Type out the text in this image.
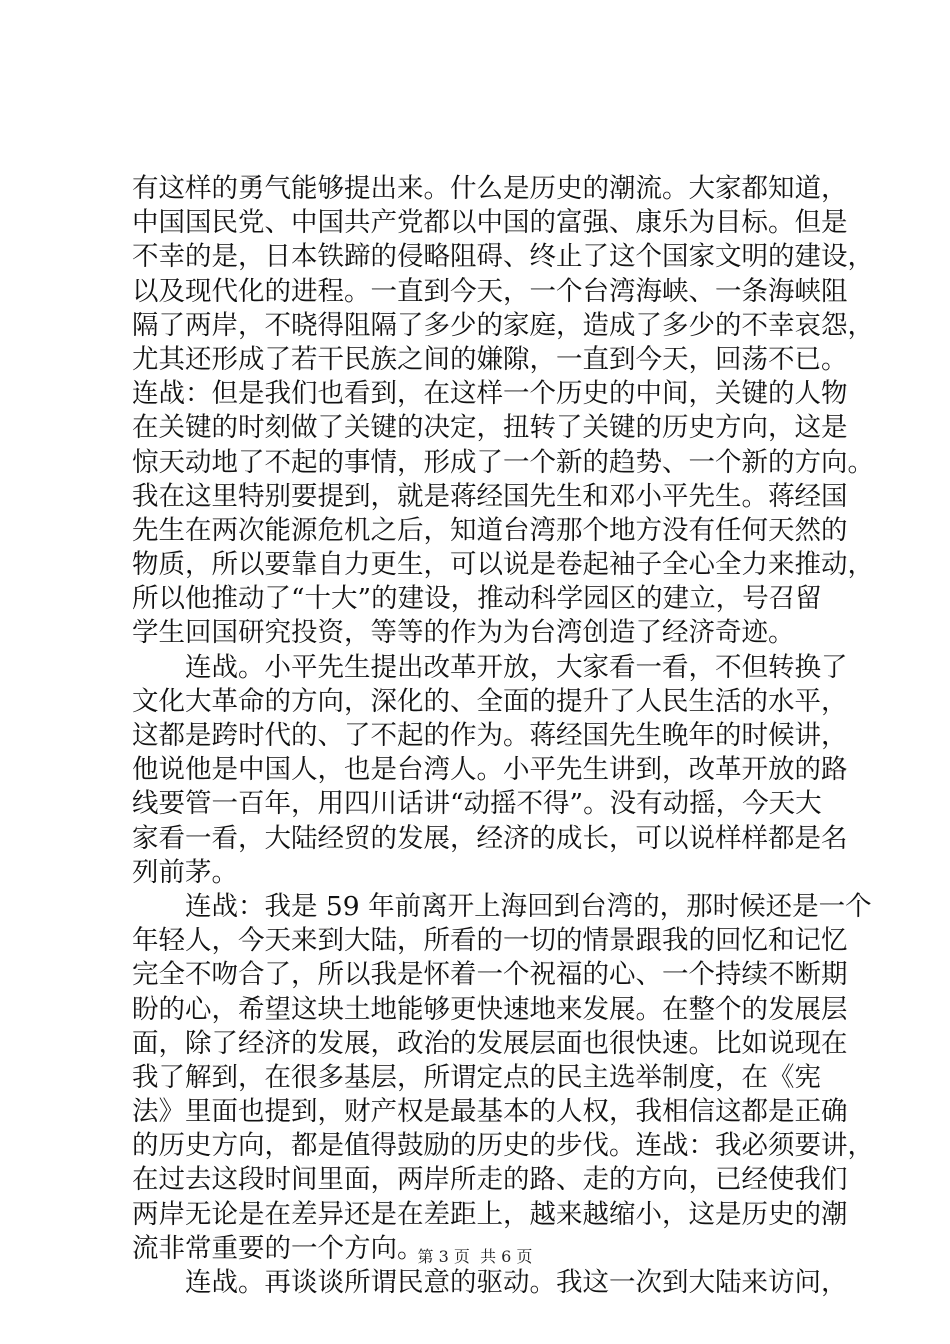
有这样的勇气能够提出来。什么是历史的潮流。大家都知道，
中国国民党、中国共产党都以中国的富强、康乐为目标。但是
不幸的是，日本铁蹄的侵略阻碍、终止了这个国家文明的建设，
以及现代化的进程。一直到今天，一个台湾海峡、一条海峡阻
隔了两岸，不晓得阻隔了多少的家庭，造成了多少的不幸哀怨，
尤其还形成了若干民族之间的嫌隙，一直到今天，回荡不已。
连战：但是我们也看到，在这样一个历史的中间，关键的人物
在关键的时刻做了关键的决定，扭转了关键的历史方向，这是
惊天动地了不起的事情，形成了一个新的趋势、一个新的方向。
我在这里特别要提到，就是蒋经国先生和邓小平先生。蒋经国
先生在两次能源危机之后，知道台湾那个地方没有任何天然的
物质，所以要靠自力更生，可以说是卷起袖子全心全力来推动，
所以他推动了“十大”的建设，推动科学园区的建立，号召留
学生回国研究投资，等等的作为为台湾创造了经济奇迹。
连战。小平先生提出改革开放，大家看一看，不但转换了
文化大革命的方向，深化的、全面的提升了人民生活的水平，
这都是跨时代的、了不起的作为。蒋经国先生晚年的时候讲，
他说他是中国人，也是台湾人。小平先生讲到，改革开放的路
线要管一百年，用四川话讲“动摇不得”。没有动摇，今天大
家看一看，大陆经贸的发展，经济的成长，可以说样样都是名
列前茅。
连战：我是 59 年前离开上海回到台湾的，那时候还是一个
年轻人，今天来到大陆，所看的一切的情景跟我的回忆和记忆
完全不吻合了，所以我是怀着一个祝福的心、一个持续不断期
盼的心，希望这块土地能够更快速地来发展。在整个的发展层
面，除了经济的发展，政治的发展层面也很快速。比如说现在
我了解到，在很多基层，所谓定点的民主选举制度，在《宪
法》里面也提到，财产权是最基本的人权，我相信这都是正确
的历史方向，都是值得鼓励的历史的步伐。连战：我必须要讲，
在过去这段时间里面，两岸所走的路、走的方向，已经使我们
两岸无论是在差异还是在差距上，越来越缩小，这是历史的潮
流非常重要的一个方向。
连战。再谈谈所谓民意的驱动。我这一次到大陆来访问，
第 3 页  共 6 页
